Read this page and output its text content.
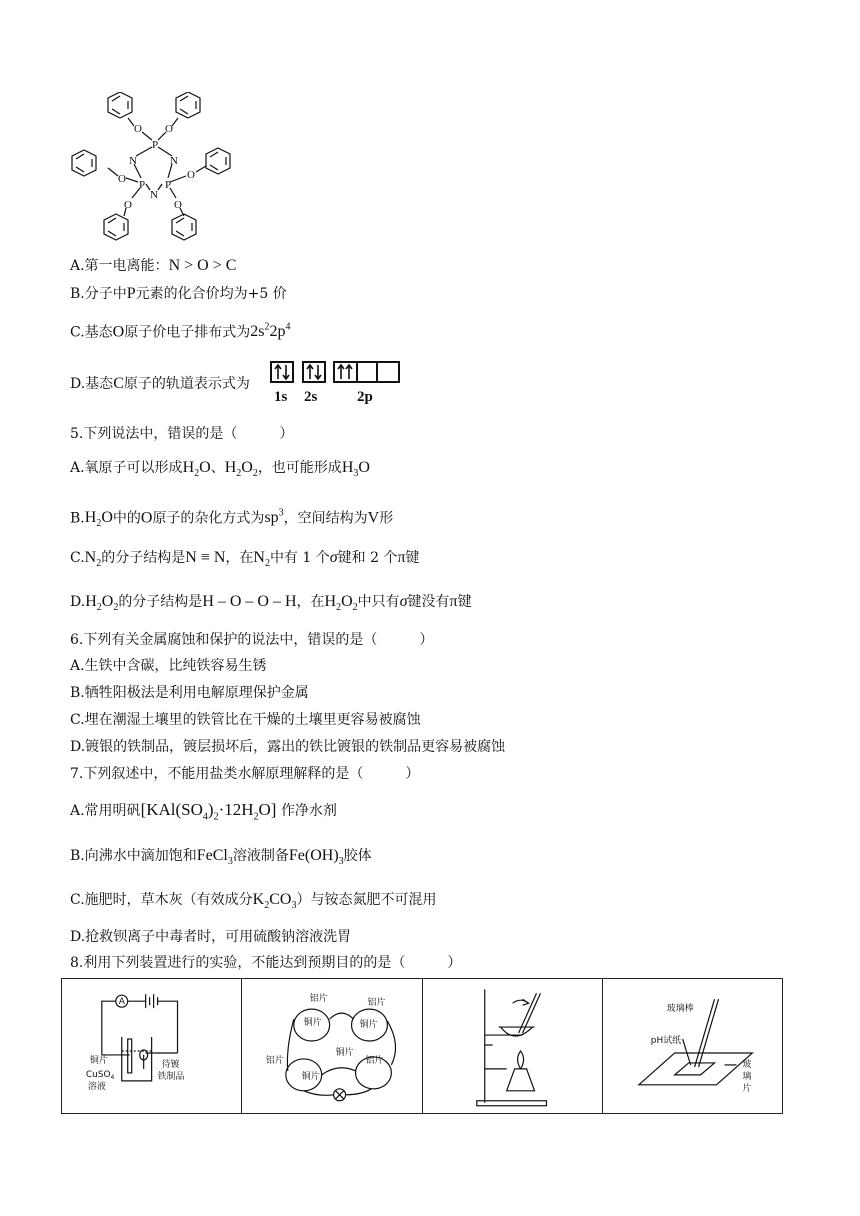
P
N	N
P P
N
O O
O	O
O	O
A.第一电离能：N > O > C
B.分子中P元素的化合价均为+5 价
C.基态O原子价电子排布式为$2s^22p^4$
D.基态C原子的轨道表示式为
1s 2s	2p
5.下列说法中，错误的是（　　　）
A.氧原子可以形成$H_2O$、$H_2O_2$，也可能形成$H_3O$
$B.H_2O$中的O原子的杂化方式为$sp^3$，空间结构为V形
$C.N_2$的分子结构是N ≡ N，在$N_2$中有 1 个σ键和 2 个π键
$D.H_2O_2$的分子结构是H – O – O – H，在$H_2O_2$中只有σ键没有π键
6.下列有关金属腐蚀和保护的说法中，错误的是（　　　）
A.生铁中含碳，比纯铁容易生锈
B.牺牲阳极法是利用电解原理保护金属
C.埋在潮湿土壤里的铁管比在干燥的土壤里更容易被腐蚀
D.镀银的铁制品，镀层损坏后，露出的铁比镀银的铁制品更容易被腐蚀
7.下列叙述中，不能用盐类水解原理解释的是（　　　）
A.常用明矾$[KAl(SO_4)_2\cdot 12H_2O]$ 作净水剂
B.向沸水中滴加饱和FeCl$_3$溶液制备$Fe(OH)_3$胶体
C.施肥时，草木灰（有效成分$K_2CO_3$）与铵态氮肥不可混用
D.抢救钡离子中毒者时，可用硫酸钠溶液洗胃
8.利用下列装置进行的实验，不能达到预期目的的是（　　　）
A
铜片
CuSO$_4$
溶液
待镀
铁制品
铝片
铜片
铝片
铜片
铝片
铜片
铜片
铝片
玻璃棒
pH试纸
玻
璃
片
